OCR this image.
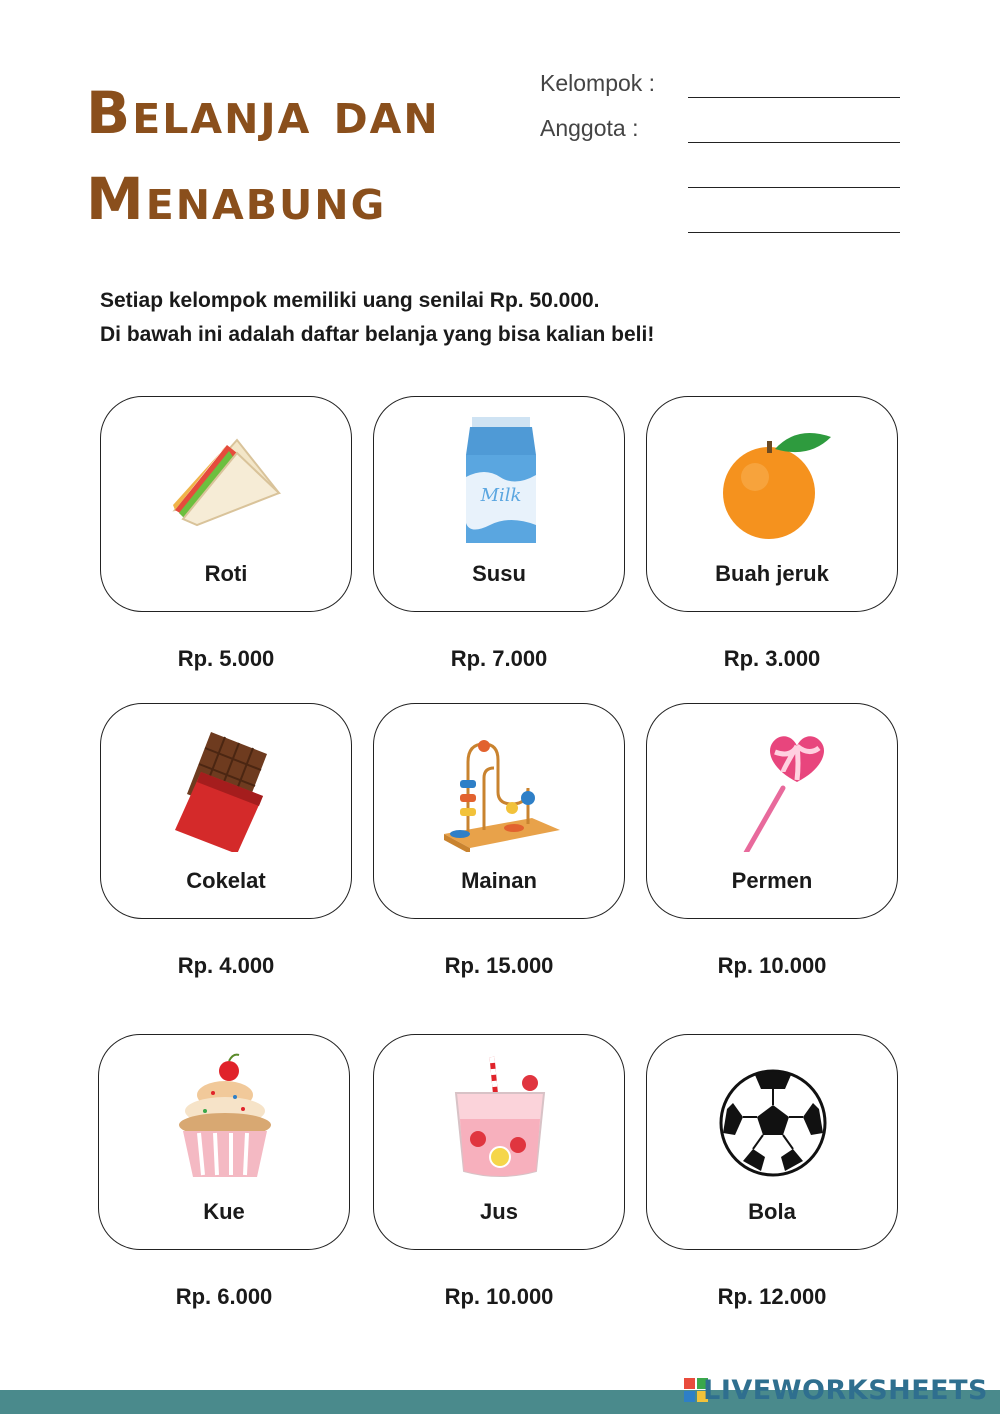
Belanja dan
Menabung
Kelompok :
Anggota :

Setiap kelompok memiliki uang senilai Rp. 50.000.

Di bawah ini adalah daftar belanja yang bisa kalian beli!

Roti
Rp. 5.000
Milk
Susu
Rp. 7.000
Buah jeruk
Rp. 3.000
Cokelat
Rp. 4.000
Mainan
Rp. 15.000
Permen
Rp. 10.000
Kue
Rp. 6.000
Jus
Rp. 10.000
Bola
Rp. 12.000
LIVEWORKSHEETS
